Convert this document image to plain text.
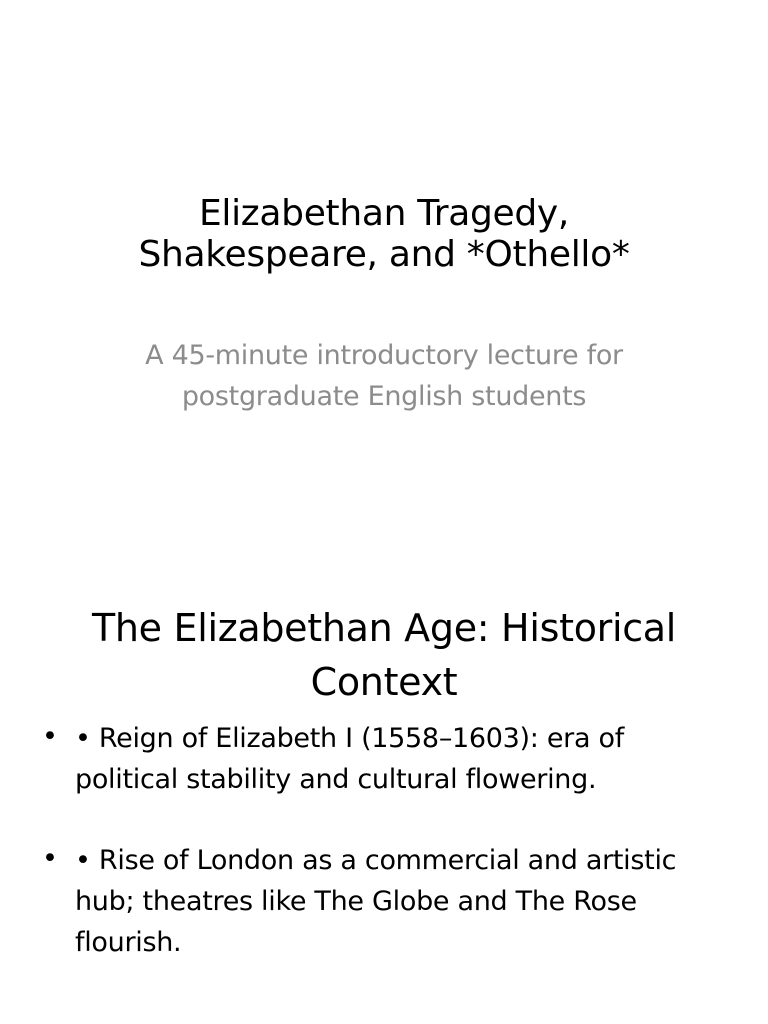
Elizabethan Tragedy,
Shakespeare, and *Othello*

A 45-minute introductory lecture for
postgraduate English students

The Elizabethan Age: Historical
Context
• • Reign of Elizabeth I (1558–1603): era of political stability and cultural flowering.
• • Rise of London as a commercial and artistic hub; theatres like The Globe and The Rose flourish.
